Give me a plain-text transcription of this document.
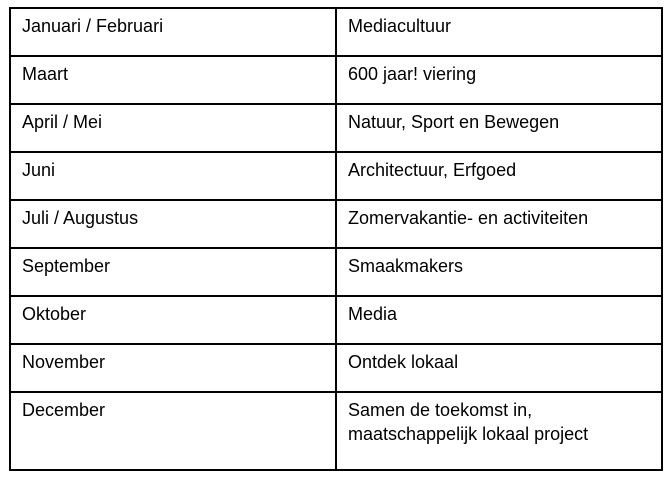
Januari / Februari	Mediacultuur

Maart	600 jaar! viering

April / Mei	Natuur, Sport en Bewegen

Juni	Architectuur, Erfgoed

Juli / Augustus	Zomervakantie- en activiteiten

September	Smaakmakers

Oktober	Media

November	Ontdek lokaal

December	Samen de toekomst in,
maatschappelijk lokaal project
